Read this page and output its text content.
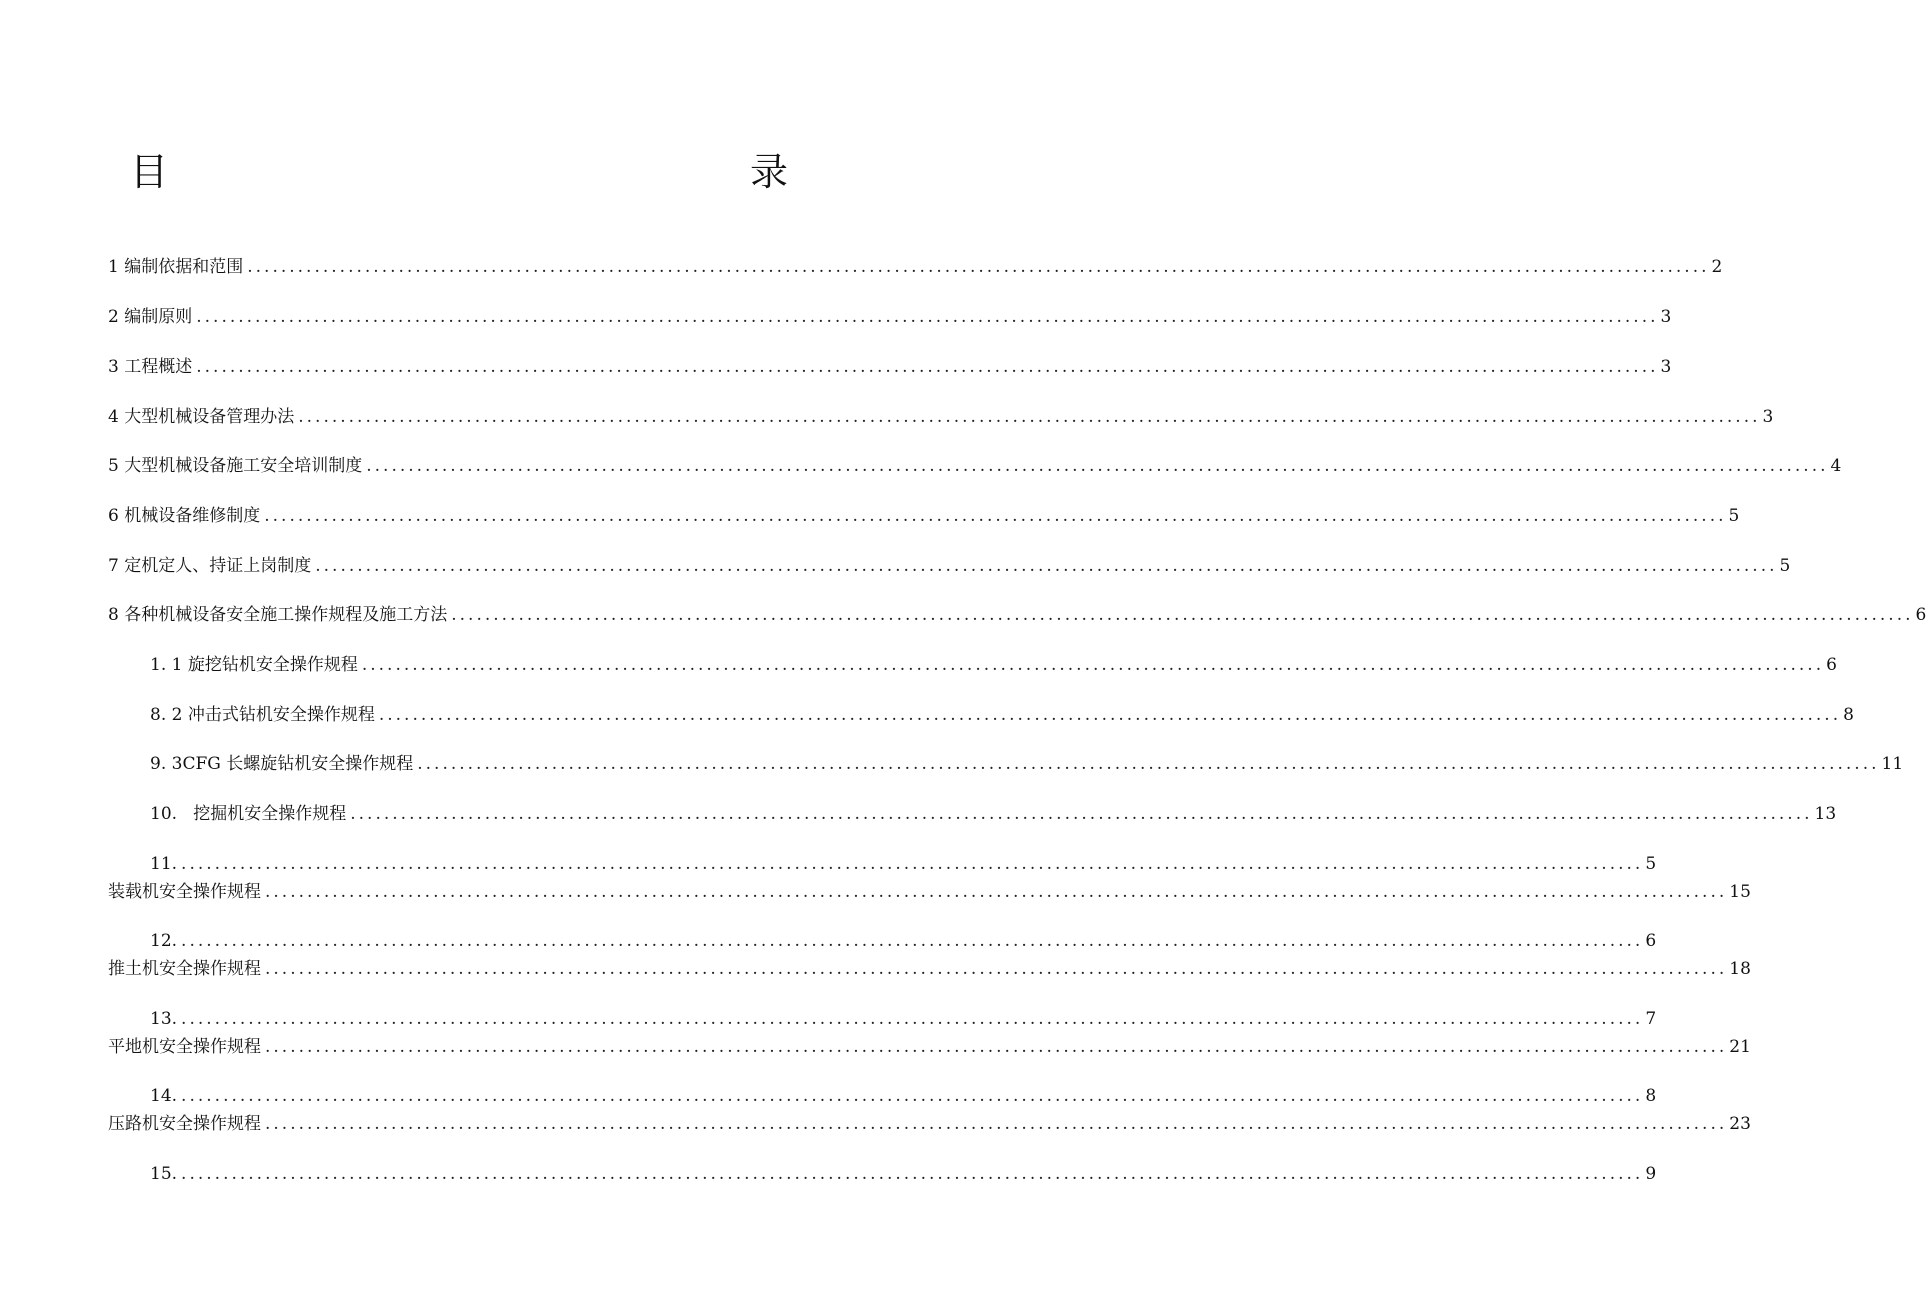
目	录
1 编制依据和范围 .............................................................................................................................................................................. 2
2 编制原则 .............................................................................................................................................................................. 3
3 工程概述 .............................................................................................................................................................................. 3
4 大型机械设备管理办法 .............................................................................................................................................................................. 3
5 大型机械设备施工安全培训制度 .............................................................................................................................................................................. 4
6 机械设备维修制度 .............................................................................................................................................................................. 5
7 定机定人、持证上岗制度 .............................................................................................................................................................................. 5
8 各种机械设备安全施工操作规程及施工方法 .............................................................................................................................................................................. 6
1. 1 旋挖钻机安全操作规程 .............................................................................................................................................................................. 6
8. 2 冲击式钻机安全操作规程 .............................................................................................................................................................................. 8
9. 3CFG 长螺旋钻机安全操作规程 .............................................................................................................................................................................. 11
10.   挖掘机安全操作规程 .............................................................................................................................................................................. 13
11. .............................................................................................................................................................................. 5
装载机安全操作规程 .............................................................................................................................................................................. 15
12. .............................................................................................................................................................................. 6
推土机安全操作规程 .............................................................................................................................................................................. 18
13. .............................................................................................................................................................................. 7
平地机安全操作规程 .............................................................................................................................................................................. 21
14. .............................................................................................................................................................................. 8
压路机安全操作规程 .............................................................................................................................................................................. 23
15. .............................................................................................................................................................................. 9
